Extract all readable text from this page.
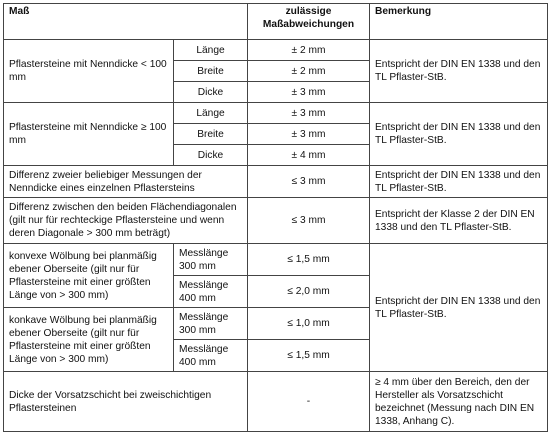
Maß		zulässige Maßabweichungen	Bemerkung
Pflastersteine mit Nenndicke < 100 mm	Länge	± 2 mm	Entspricht der DIN EN 1338 und den TL Pflaster-StB.
	Breite	± 2 mm	
	Dicke	± 3 mm	
Pflastersteine mit Nenndicke ≥ 100 mm	Länge	± 3 mm	Entspricht der DIN EN 1338 und den TL Pflaster-StB.
	Breite	± 3 mm	
	Dicke	± 4 mm	
Differenz zweier beliebiger Messungen der Nenndicke eines einzelnen Pflastersteins		≤ 3 mm	Entspricht der DIN EN 1338 und den TL Pflaster-StB.
Differenz zwischen den beiden Flächendiagonalen (gilt nur für rechteckige Pflastersteine und wenn deren Diagonale > 300 mm beträgt)		≤ 3 mm	Entspricht der Klasse 2 der DIN EN 1338 und den TL Pflaster-StB.
konvexe Wölbung bei planmäßig ebener Oberseite (gilt nur für Pflastersteine mit einer größten Länge von > 300 mm)	Messlänge 300 mm	≤ 1,5 mm	Entspricht der DIN EN 1338 und den TL Pflaster-StB.
	Messlänge 400 mm	≤ 2,0 mm	
konkave Wölbung bei planmäßig ebener Oberseite (gilt nur für Pflastersteine mit einer größten Länge von > 300 mm)	Messlänge 300 mm	≤ 1,0 mm	
	Messlänge 400 mm	≤ 1,5 mm	
Dicke der Vorsatzschicht bei zweischichtigen Pflastersteinen		-	≥ 4 mm über den Bereich, den der Hersteller als Vorsatzschicht bezeichnet (Messung nach DIN EN 1338, Anhang C).
